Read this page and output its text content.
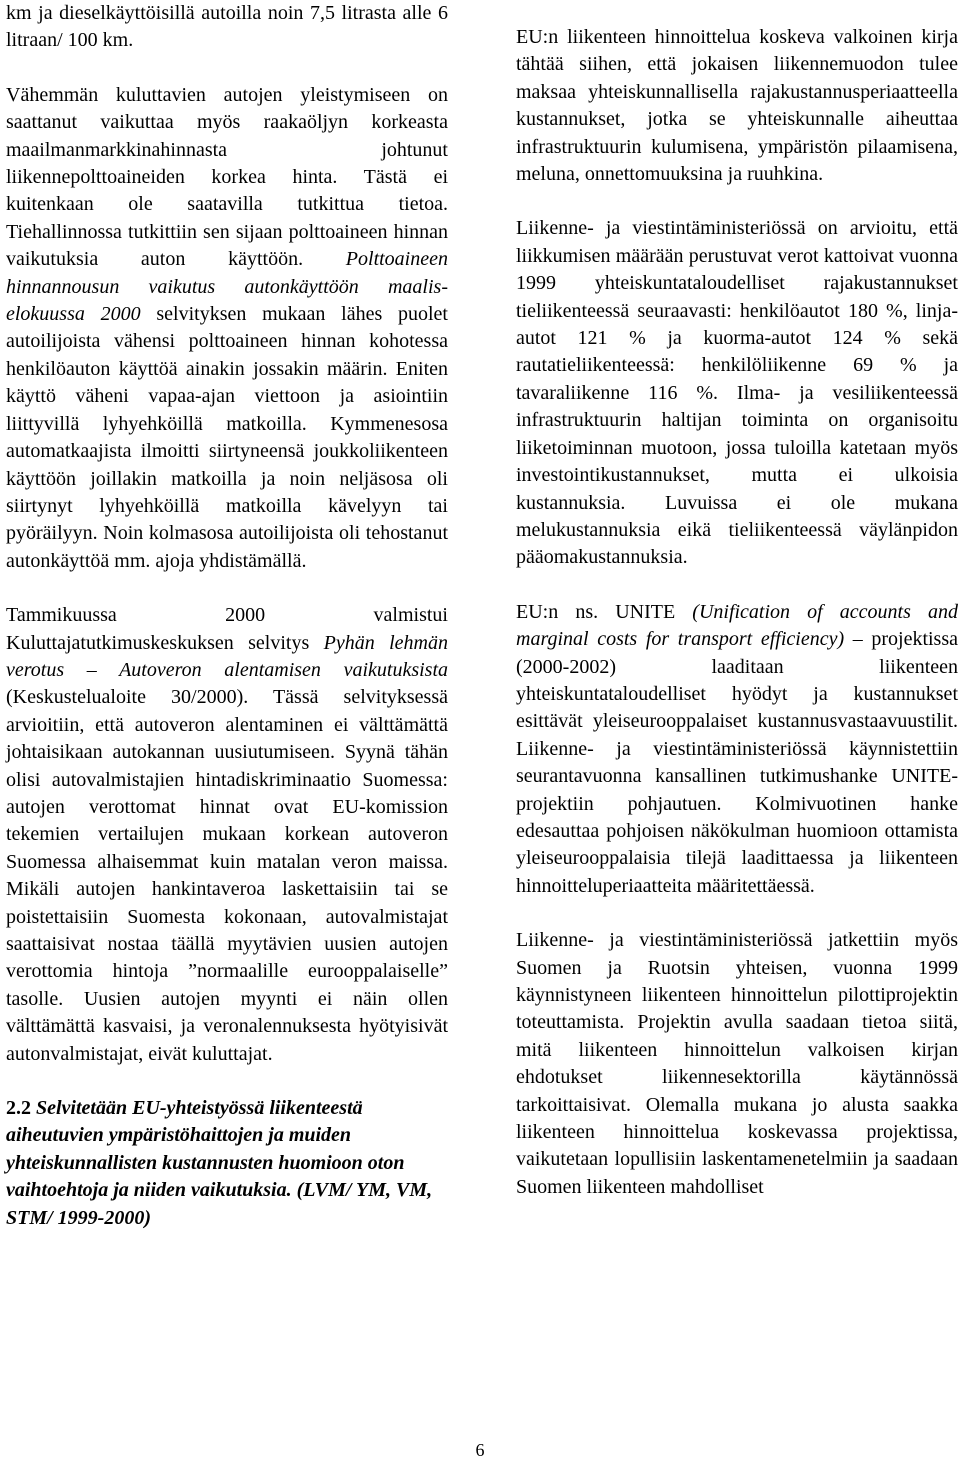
km ja dieselkäyttöisillä autoilla noin 7,5 litrasta alle 6 litraan/ 100 km.

Vähemmän kuluttavien autojen yleistymiseen on saattanut vaikuttaa myös raakaöljyn korkeasta maailmanmarkkinahinnasta johtunut liikennepolttoaineiden korkea hinta. Tästä ei kuitenkaan ole saatavilla tutkittua tietoa. Tiehallinnossa tutkittiin sen sijaan polttoaineen hinnan vaikutuksia auton käyttöön. Polttoaineen hinnannousun vaikutus autonkäyttöön maalis-elokuussa 2000 selvityksen mukaan lähes puolet autoilijoista vähensi polttoaineen hinnan kohotessa henkilöauton käyttöä ainakin jossakin määrin. Eniten käyttö väheni vapaa-ajan viettoon ja asiointiin liittyvillä lyhyehköillä matkoilla. Kymmenesosa automatkaajista ilmoitti siirtyneensä joukkoliikenteen käyttöön joillakin matkoilla ja noin neljäsosa oli siirtynyt lyhyehköillä matkoilla kävelyyn tai pyöräilyyn. Noin kolmasosa autoilijoista oli tehostanut autonkäyttöä mm. ajoja yhdistämällä.

Tammikuussa 2000 valmistui Kuluttajatutkimuskeskuksen selvitys Pyhän lehmän verotus – Autoveron alentamisen vaikutuksista (Keskustelualoite 30/2000). Tässä selvityksessä arvioitiin, että autoveron alentaminen ei välttämättä johtaisikaan autokannan uusiutumiseen. Syynä tähän olisi autovalmistajien hintadiskriminaatio Suomessa: autojen verottomat hinnat ovat EU-komission tekemien vertailujen mukaan korkean autoveron Suomessa alhaisemmat kuin matalan veron maissa. Mikäli autojen hankintaveroa laskettaisiin tai se poistettaisiin Suomesta kokonaan, autovalmistajat saattaisivat nostaa täällä myytävien uusien autojen verottomia hintoja ”normaalille eurooppalaiselle” tasolle. Uusien autojen myynti ei näin ollen välttämättä kasvaisi, ja veronalennuksesta hyötyisivät autonvalmistajat, eivät kuluttajat.

2.2 Selvitetään EU-yhteistyössä liikenteestä aiheutuvien ympäristöhaittojen ja muiden yhteiskunnallisten kustannusten huomioon oton vaihtoehtoja ja niiden vaikutuksia. (LVM/ YM, VM, STM/ 1999-2000)

EU:n liikenteen hinnoittelua koskeva valkoinen kirja tähtää siihen, että jokaisen liikennemuodon tulee maksaa yhteiskunnallisella rajakustannusperiaatteella kustannukset, jotka se yhteiskunnalle aiheuttaa infrastruktuurin kulumisena, ympäristön pilaamisena, meluna, onnettomuuksina ja ruuhkina.

Liikenne- ja viestintäministeriössä on arvioitu, että liikkumisen määrään perustuvat verot kattoivat vuonna 1999 yhteiskuntataloudelliset rajakustannukset tieliikenteessä seuraavasti: henkilöautot 180 %, linja-autot 121 % ja kuorma-autot 124 % sekä rautatieliikenteessä: henkilöliikenne 69 % ja tavaraliikenne 116 %. Ilma- ja vesiliikenteessä infrastruktuurin haltijan toiminta on organisoitu liiketoiminnan muotoon, jossa tuloilla katetaan myös investointikustannukset, mutta ei ulkoisia kustannuksia. Luvuissa ei ole mukana melukustannuksia eikä tieliikenteessä väylänpidon pääomakustannuksia.

EU:n ns. UNITE (Unification of accounts and marginal costs for transport efficiency) – projektissa (2000-2002) laaditaan liikenteen yhteiskuntataloudelliset hyödyt ja kustannukset esittävät yleiseurooppalaiset kustannusvastaavuustilit. Liikenne- ja viestintäministeriössä käynnistettiin seurantavuonna kansallinen tutkimushanke UNITE-projektiin pohjautuen. Kolmivuotinen hanke edesauttaa pohjoisen näkökulman huomioon ottamista yleiseurooppalaisia tilejä laadittaessa ja liikenteen hinnoitteluperiaatteita määritettäessä.

Liikenne- ja viestintäministeriössä jatkettiin myös Suomen ja Ruotsin yhteisen, vuonna 1999 käynnistyneen liikenteen hinnoittelun pilottiprojektin toteuttamista. Projektin avulla saadaan tietoa siitä, mitä liikenteen hinnoittelun valkoisen kirjan ehdotukset liikennesektorilla käytännössä tarkoittaisivat. Olemalla mukana jo alusta saakka liikenteen hinnoittelua koskevassa projektissa, vaikutetaan lopullisiin laskentamenetelmiin ja saadaan Suomen liikenteen mahdolliset

6
